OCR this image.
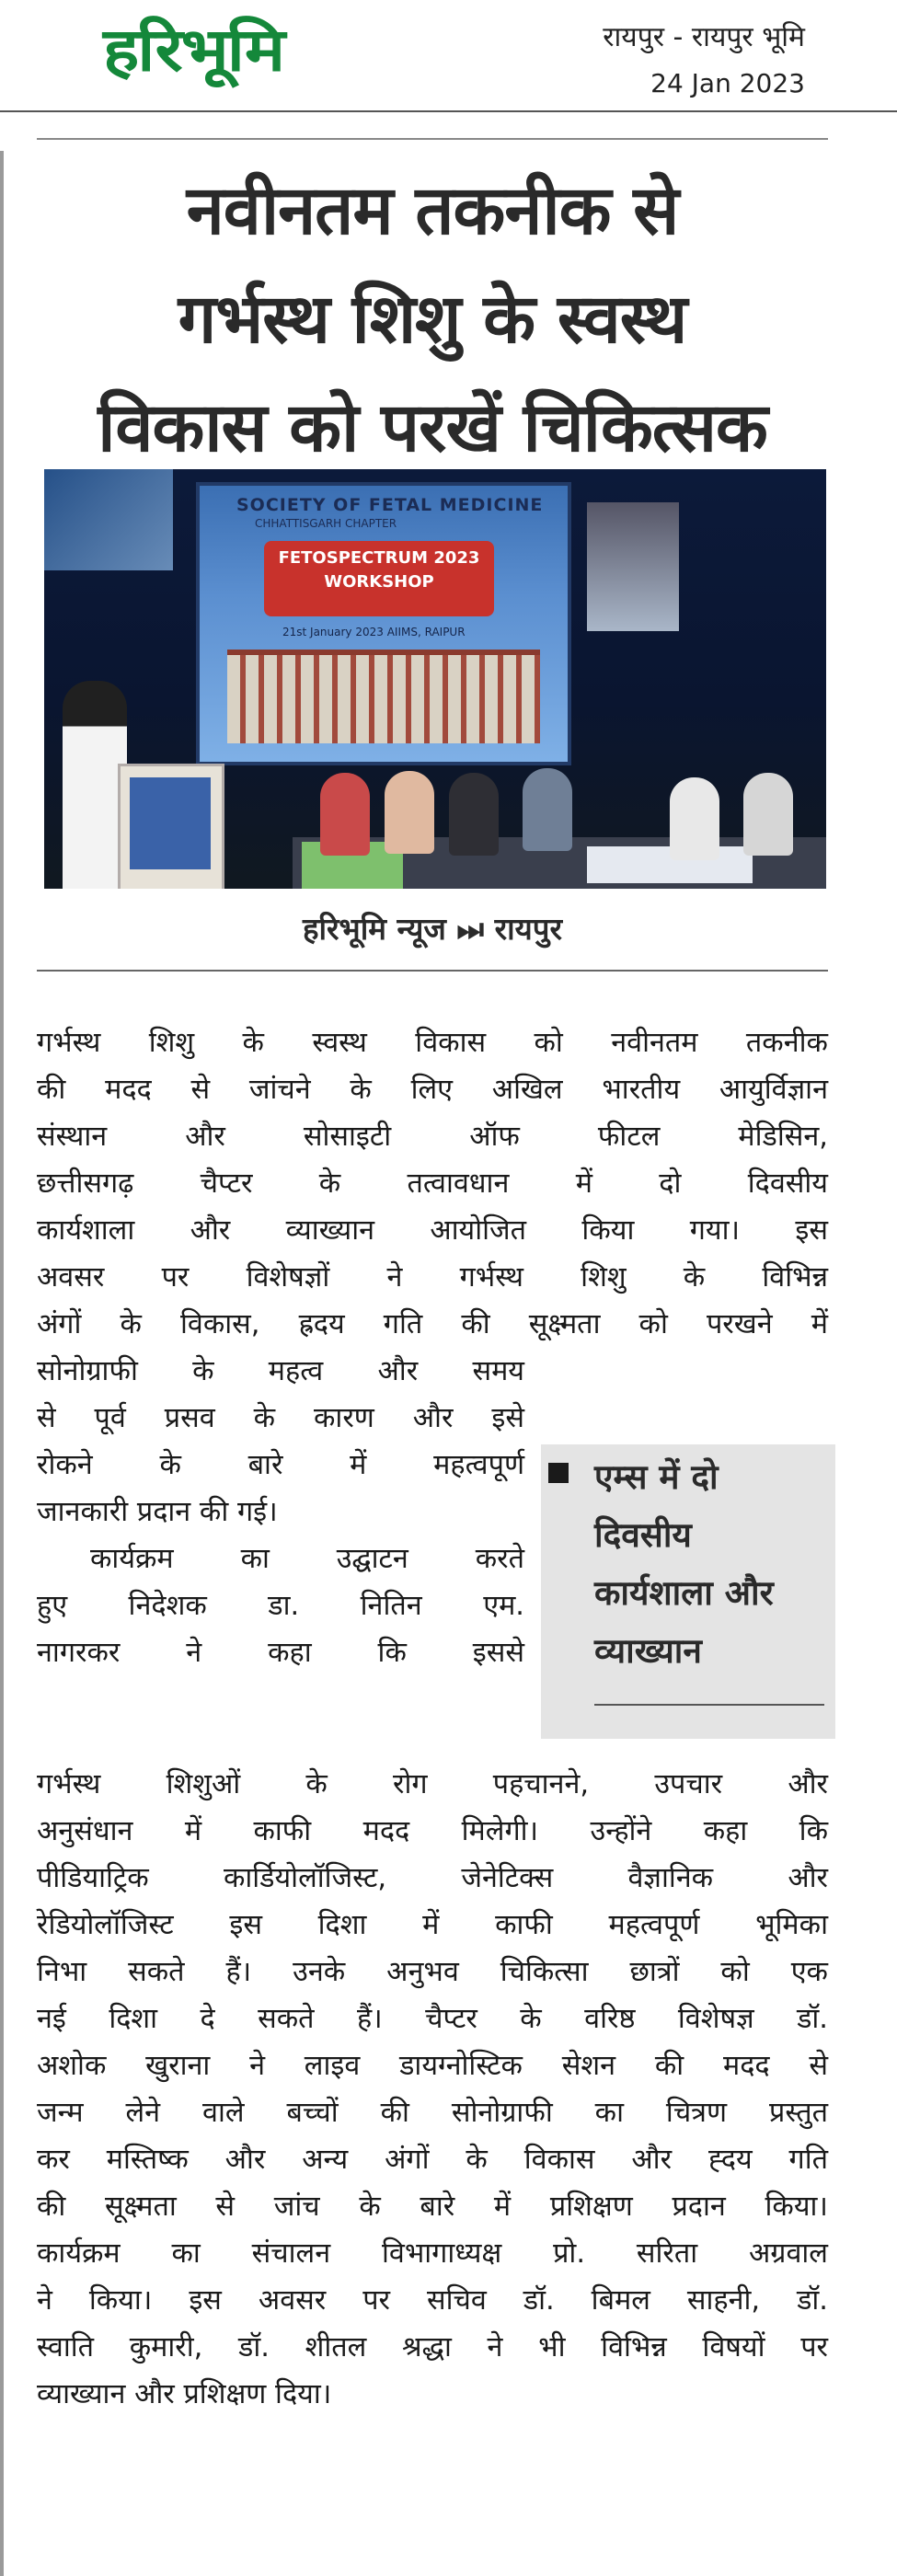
हरिभूमि	रायपुर - रायपुर भूमि
24 Jan 2023
नवीनतम तकनीक से
गर्भस्थ शिशु के स्वस्थ
विकास को परखें चिकित्सक
SOCIETY OF FETAL MEDICINE
CHHATTISGARH CHAPTER
FETOSPECTRUM 2023 WORKSHOP
21st January 2023 AIIMS, RAIPUR
हरिभूमि न्यूज ⏭ रायपुर
गर्भस्थ शिशु के स्वस्थ विकास को नवीनतम तकनीक
की मदद से जांचने के लिए अखिल भारतीय आयुर्विज्ञान
संस्थान और सोसाइटी ऑफ फीटल मेडिसिन,
छत्तीसगढ़ चैप्टर के तत्वावधान में दो दिवसीय
कार्यशाला और व्याख्यान आयोजित किया गया। इस
अवसर पर विशेषज्ञों ने गर्भस्थ शिशु के विभिन्न
अंगों के विकास, ह्रदय गति की सूक्ष्मता को परखने में
सोनोग्राफी के महत्व और समय
से पूर्व प्रसव के कारण और इसे
रोकने के बारे में महत्वपूर्ण
जानकारी प्रदान की गई।
कार्यक्रम का उद्घाटन करते
हुए निदेशक डा. नितिन एम.
नागरकर ने कहा कि इससे
गर्भस्थ शिशुओं के रोग पहचानने, उपचार और
अनुसंधान में काफी मदद मिलेगी। उन्होंने कहा कि
पीडियाट्रिक कार्डियोलॉजिस्ट, जेनेटिक्स वैज्ञानिक और
रेडियोलॉजिस्ट इस दिशा में काफी महत्वपूर्ण भूमिका
निभा सकते हैं। उनके अनुभव चिकित्सा छात्रों को एक
नई दिशा दे सकते हैं। चैप्टर के वरिष्ठ विशेषज्ञ डॉ.
अशोक खुराना ने लाइव डायग्नोस्टिक सेशन की मदद से
जन्म लेने वाले बच्चों की सोनोग्राफी का चित्रण प्रस्तुत
कर मस्तिष्क और अन्य अंगों के विकास और ह्दय गति
की सूक्ष्मता से जांच के बारे में प्रशिक्षण प्रदान किया।
कार्यक्रम का संचालन विभागाध्यक्ष प्रो. सरिता अग्रवाल
ने किया। इस अवसर पर सचिव डॉ. बिमल साहनी, डॉ.
स्वाति कुमारी, डॉ. शीतल श्रद्धा ने भी विभिन्न विषयों पर
व्याख्यान और प्रशिक्षण दिया।
एम्स में दो
दिवसीय
कार्यशाला और
व्याख्यान
